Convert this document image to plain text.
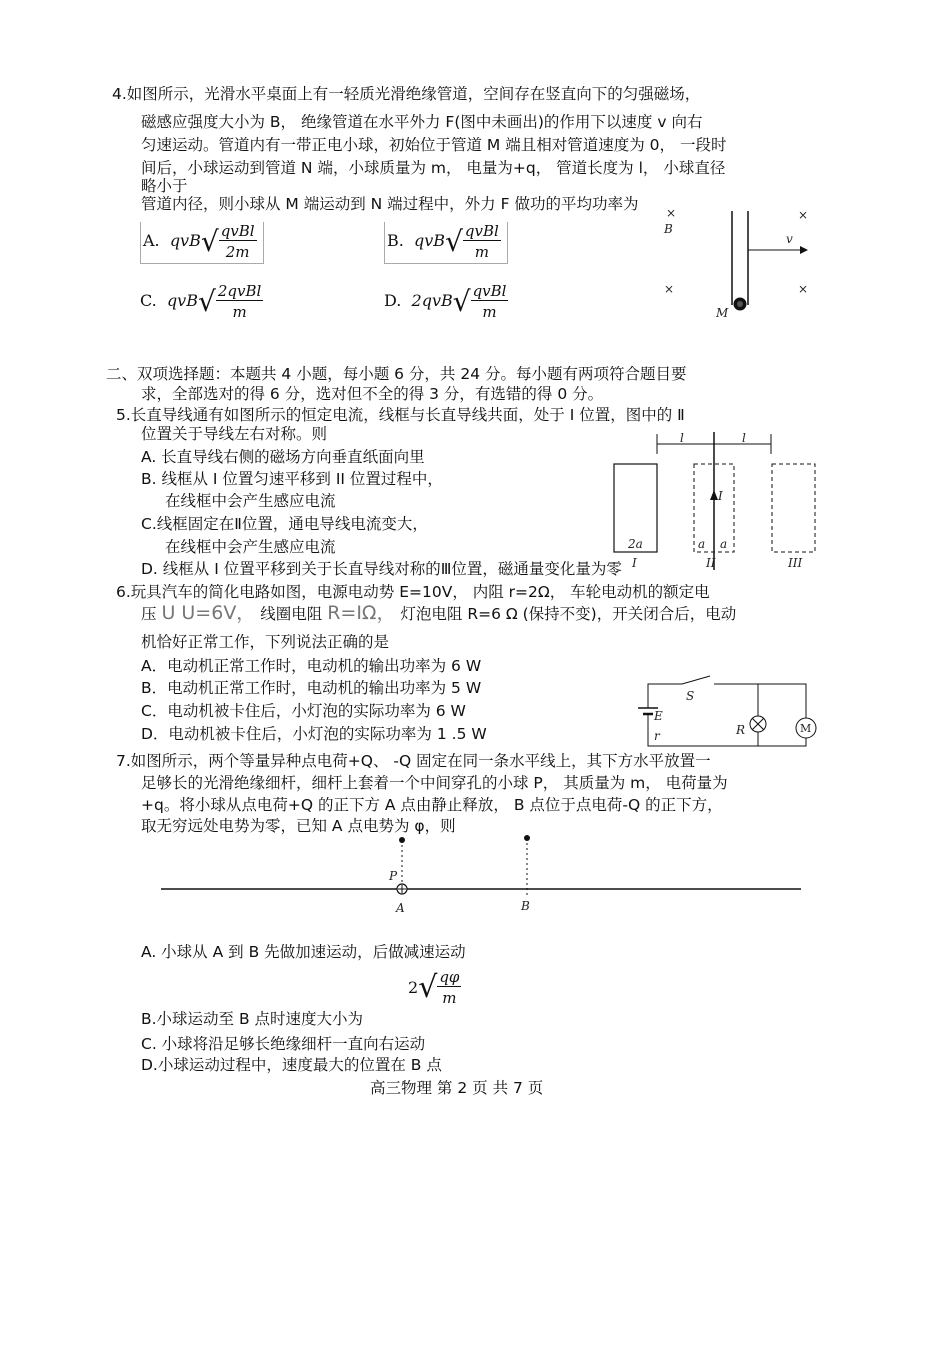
4.如图所示，光滑水平桌面上有一轻质光滑绝缘管道，空间存在竖直向下的匀强磁场，
磁感应强度大小为 B， 绝缘管道在水平外力 F(图中未画出)的作用下以速度 v 向右
匀速运动。管道内有一带正电小球，初始位于管道 M 端且相对管道速度为 0， 一段时
间后，小球运动到管道 N 端，小球质量为 m， 电量为+q， 管道长度为 l， 小球直径
略小于
管道内径，则小球从 M 端运动到 N 端过程中，外力 F 做功的平均功率为
A. $qvB√ \frac{\text{qvBl}}{2m}$	B. $qvB√ \frac{\text{qvBl}}{m}$
C. $qvB√ \frac{\text{2qvBl}}{m}$	D. $2qvB√ \frac{\text{qvBl}}{m}$
×
B
×
×	×
v
M
二、双项选择题：本题共 4 小题，每小题 6 分，共 24 分。每小题有两项符合题目要
求，全部选对的得 6 分，选对但不全的得 3 分，有选错的得 0 分。
5.长直导线通有如图所示的恒定电流，线框与长直导线共面，处于 Ⅰ 位置，图中的 Ⅱ
位置关于导线左右对称。则
A. 长直导线右侧的磁场方向垂直纸面向里
B. 线框从 I 位置匀速平移到 II 位置过程中，
在线框中会产生感应电流
C.线框固定在Ⅱ位置，通电导线电流变大，
在线框中会产生感应电流
D. 线框从 I 位置平移到关于长直导线对称的Ⅲ位置，磁通量变化量为零
l	l
I
2a	a a
I	II	III
6.玩具汽车的简化电路如图，电源电动势 E=10V， 内阻 r=2Ω， 车轮电动机的额定电
压 U U=6V， 线圈电阻 R=IΩ， 灯泡电阻 R=6 Ω (保持不变)，开关闭合后，电动
机恰好正常工作，下列说法正确的是
A．电动机正常工作时，电动机的输出功率为 6 W
B．电动机正常工作时，电动机的输出功率为 5 W
C．电动机被卡住后，小灯泡的实际功率为 6 W
D．电动机被卡住后，小灯泡的实际功率为 1 .5 W
S
E
r	R	M
7.如图所示，两个等量异种点电荷+Q、 -Q 固定在同一条水平线上，其下方水平放置一
足够长的光滑绝缘细杆，细杆上套着一个中间穿孔的小球 P， 其质量为 m， 电荷量为
+q。将小球从点电荷+Q 的正下方 A 点由静止释放， B 点位于点电荷-Q 的正下方，
取无穷远处电势为零，已知 A 点电势为 φ，则
P
A	B
A. 小球从 A 到 B 先做加速运动，后做减速运动
B.小球运动至 B 点时速度大小为
$2√ \frac{q\varphi}{m}$
C. 小球将沿足够长绝缘细杆一直向右运动
D.小球运动过程中，速度最大的位置在 B 点
高三物理 第 2 页 共 7 页
